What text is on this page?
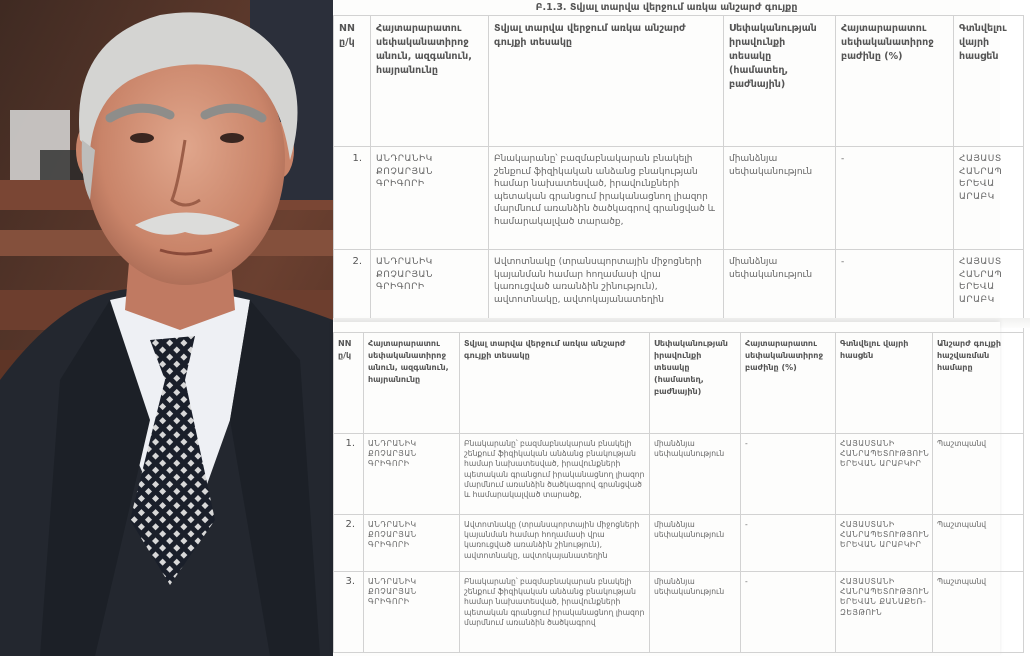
Բ.1.3. Տվյալ տարվա վերջում առկա անշարժ գույքը
NN ը/կ	Հայտարարատու սեփականատիրոջ անուն, ազգանուն, հայրանունը	Տվյալ տարվա վերջում առկա անշարժ գույքի տեսակը	Սեփականության իրավունքի տեսակը (համատեղ, բաժնային)	Հայտարարատու սեփականատիրոջ բաժինը (%)	Գտնվելու վայրի հասցեն
1.	ԱՆԴՐԱՆԻԿ ՔՈՉԱՐՅԱՆ ԳՐԻԳՈՐԻ	Բնակարանը՝ բազմաբնակարան բնակելի շենքում ֆիզիկական անձանց բնակության համար նախատեսված, իրավունքների պետական գրանցում իրականացնող լիազոր մարմնում առանձին ծածկագրով գրանցված և համարակալված տարածք,	միանձնյա սեփականություն	-	ՀԱՅԱՍՏ ՀԱՆՐԱՊ ԵՐԵՎԱ ԱՐԱԲԿ
2.	ԱՆԴՐԱՆԻԿ ՔՈՉԱՐՅԱՆ ԳՐԻԳՈՐԻ	Ավտոտնակը (տրանսպորտային միջոցների կայանման համար հողամասի վրա կառուցված առանձին շինություն), ավտոտնակը, ավտոկայանատեղին	միանձնյա սեփականություն	-	ՀԱՅԱՍՏ ՀԱՆՐԱՊ ԵՐԵՎԱ ԱՐԱԲԿ
NN ը/կ	Հայտարարատու սեփականատիրոջ անուն, ազգանուն, հայրանունը	Տվյալ տարվա վերջում առկա անշարժ գույքի տեսակը	Սեփականության իրավունքի տեսակը (համատեղ, բաժնային)	Հայտարարատու սեփականատիրոջ բաժինը (%)	Գտնվելու վայրի հասցեն	Անշարժ գույքի հաշվառման համարը
1.	ԱՆԴՐԱՆԻԿ ՔՈՉԱՐՅԱՆ ԳՐԻԳՈՐԻ	Բնակարանը՝ բազմաբնակարան բնակելի շենքում ֆիզիկական անձանց բնակության համար նախատեսված, իրավունքների պետական գրանցում իրականացնող լիազոր մարմնում առանձին ծածկագրով գրանցված և համարակալված տարածք,	միանձնյա սեփականություն	-	ՀԱՅԱՍՏԱՆԻ ՀԱՆՐԱՊԵՏՈՒԹՅՈՒՆ ԵՐԵՎԱՆ ԱՐԱԲԿԻՐ	Պաշտպանվ
2.	ԱՆԴՐԱՆԻԿ ՔՈՉԱՐՅԱՆ ԳՐԻԳՈՐԻ	Ավտոտնակը (տրանսպորտային միջոցների կայանման համար հողամասի վրա կառուցված առանձին շինություն), ավտոտնակը, ավտոկայանատեղին	միանձնյա սեփականություն	-	ՀԱՅԱՍՏԱՆԻ ՀԱՆՐԱՊԵՏՈՒԹՅՈՒՆ ԵՐԵՎԱՆ ԱՐԱԲԿԻՐ	Պաշտպանվ
3.	ԱՆԴՐԱՆԻԿ ՔՈՉԱՐՅԱՆ ԳՐԻԳՈՐԻ	Բնակարանը՝ բազմաբնակարան բնակելի շենքում ֆիզիկական անձանց բնակության համար նախատեսված, իրավունքների պետական գրանցում իրականացնող լիազոր մարմնում առանձին ծածկագրով	միանձնյա սեփականություն	-	ՀԱՅԱՍՏԱՆԻ ՀԱՆՐԱՊԵՏՈՒԹՅՈՒՆ ԵՐԵՎԱՆ ՔԱՆԱՔԵՌ-ԶԵՅԹՈՒՆ	Պաշտպանվ
